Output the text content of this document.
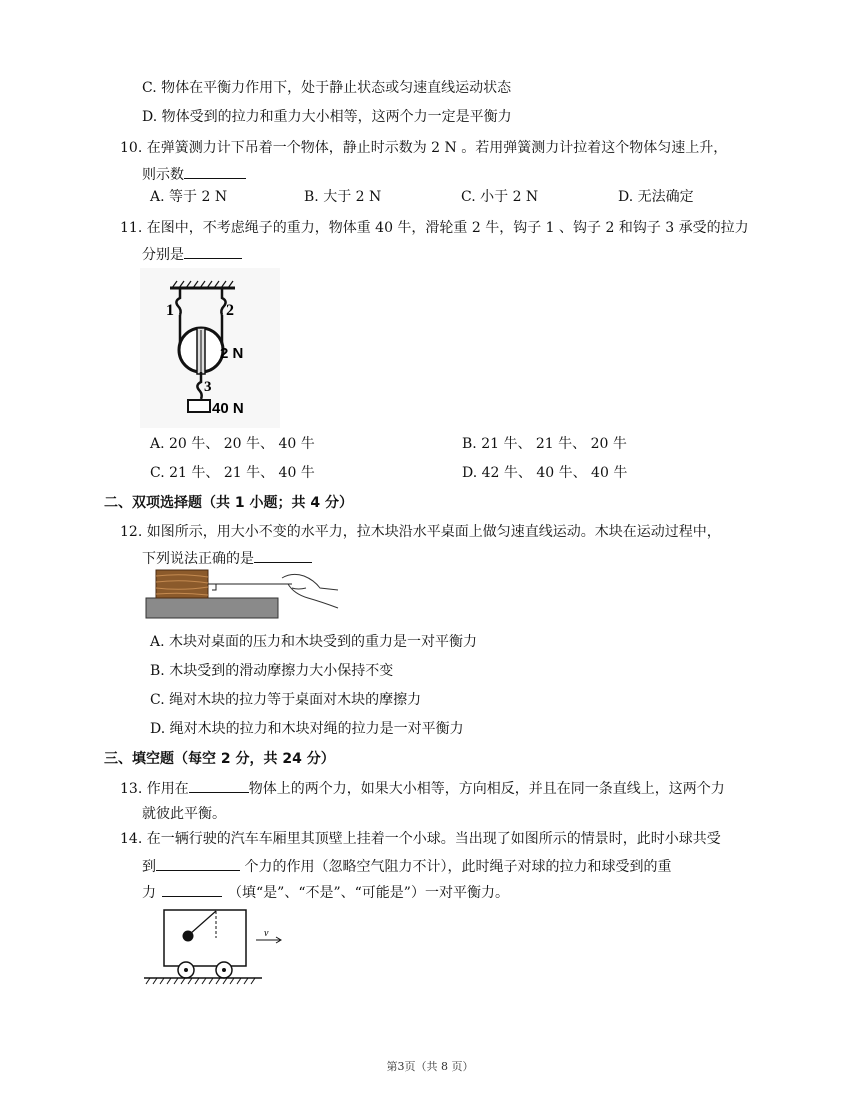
C. 物体在平衡力作用下，处于静止状态或匀速直线运动状态
D. 物体受到的拉力和重力大小相等，这两个力一定是平衡力
10. 在弹簧测力计下吊着一个物体，静止时示数为 2 N 。若用弹簧测力计拉着这个物体匀速上升，
则示数
A. 等于 2 N	B. 大于 2 N	C. 小于 2 N	D. 无法确定
11. 在图中，不考虑绳子的重力，物体重 40 牛，滑轮重 2 牛，钩子 1 、钩子 2 和钩子 3 承受的拉力
分别是
1	2
2 N
3
40 N
A. 20 牛、 20 牛、 40 牛	B. 21 牛、 21 牛、 20 牛
C. 21 牛、 21 牛、 40 牛	D. 42 牛、 40 牛、 40 牛
二、双项选择题（共 1 小题；共 4 分）
12. 如图所示，用大小不变的水平力，拉木块沿水平桌面上做匀速直线运动。木块在运动过程中，
下列说法正确的是
A. 木块对桌面的压力和木块受到的重力是一对平衡力
B. 木块受到的滑动摩擦力大小保持不变
C. 绳对木块的拉力等于桌面对木块的摩擦力
D. 绳对木块的拉力和木块对绳的拉力是一对平衡力
三、填空题（每空 2 分，共 24 分）
13. 作用在	物体上的两个力，如果大小相等，方向相反，并且在同一条直线上，这两个力
就彼此平衡。
14. 在一辆行驶的汽车车厢里其顶壁上挂着一个小球。当出现了如图所示的情景时，此时小球共受
到	个力的作用（忽略空气阻力不计），此时绳子对球的拉力和球受到的重
力	（填“是”、“不是”、“可能是”）一对平衡力。
v
第3页（共 8 页）
